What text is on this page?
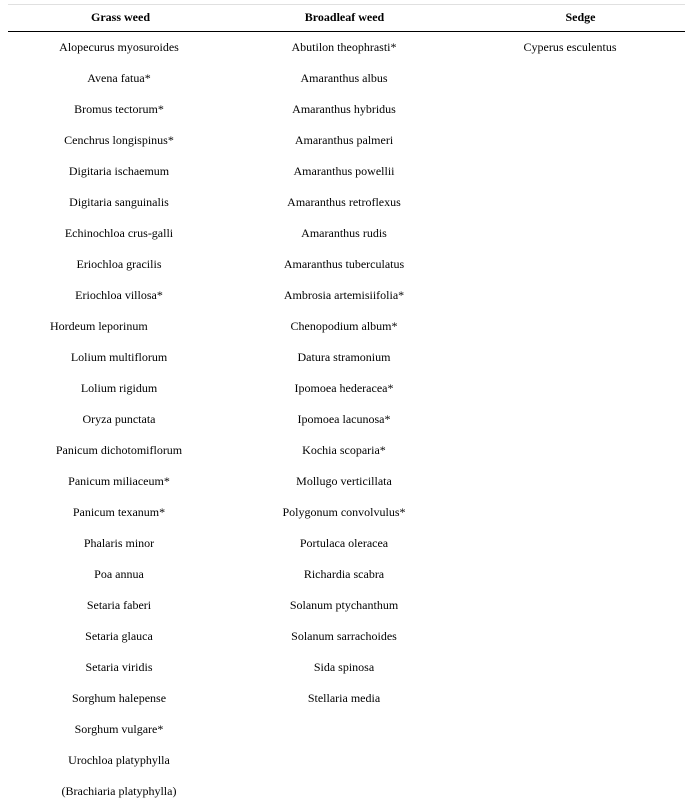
Grass weed	Broadleaf weed	Sedge
Alopecurus myosuroides
Avena fatua*
Bromus tectorum*
Cenchrus longispinus*
Digitaria ischaemum
Digitaria sanguinalis
Echinochloa crus-galli
Eriochloa gracilis
Eriochloa villosa*
Hordeum leporinum
Lolium multiflorum
Lolium rigidum
Oryza punctata
Panicum dichotomiflorum
Panicum miliaceum*
Panicum texanum*
Phalaris minor
Poa annua
Setaria faberi
Setaria glauca
Setaria viridis
Sorghum halepense
Sorghum vulgare*
Urochloa platyphylla
(Brachiaria platyphylla)
Abutilon theophrasti*
Amaranthus albus
Amaranthus hybridus
Amaranthus palmeri
Amaranthus powellii
Amaranthus retroflexus
Amaranthus rudis
Amaranthus tuberculatus
Ambrosia artemisiifolia*
Chenopodium album*
Datura stramonium
Ipomoea hederacea*
Ipomoea lacunosa*
Kochia scoparia*
Mollugo verticillata
Polygonum convolvulus*
Portulaca oleracea
Richardia scabra
Solanum ptychanthum
Solanum sarrachoides
Sida spinosa
Stellaria media
Cyperus esculentus
